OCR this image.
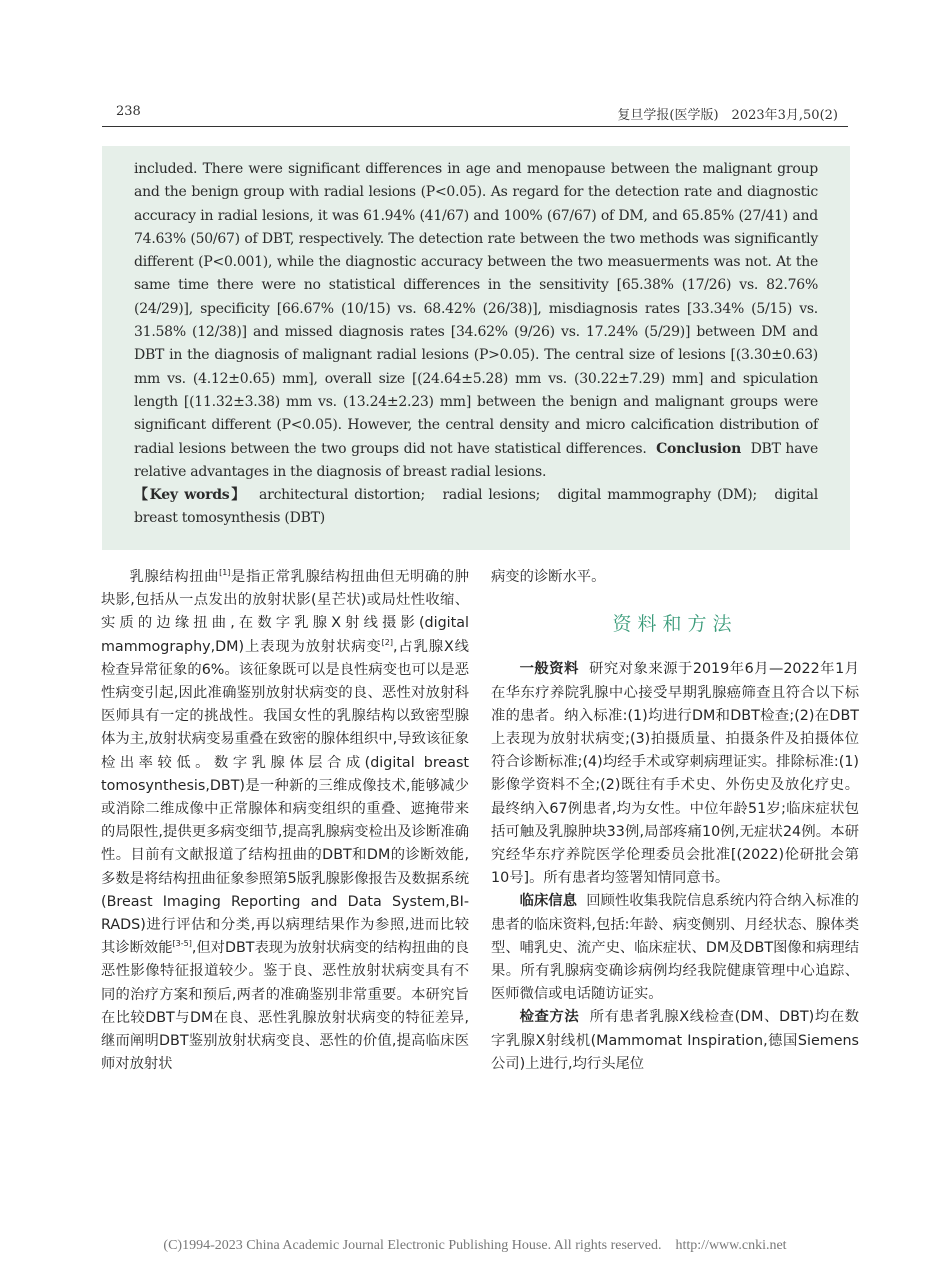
238	复旦学报(医学版)　2023年3月,50(2)

included. There were significant differences in age and menopause between the malignant group and the benign group with radial lesions (P<0.05). As regard for the detection rate and diagnostic accuracy in radial lesions, it was 61.94% (41/67) and 100% (67/67) of DM, and 65.85% (27/41) and 74.63% (50/67) of DBT, respectively. The detection rate between the two methods was significantly different (P<0.001), while the diagnostic accuracy between the two measuerments was not. At the same time there were no statistical differences in the sensitivity [65.38% (17/26) vs. 82.76% (24/29)], specificity [66.67% (10/15) vs. 68.42% (26/38)], misdiagnosis rates [33.34% (5/15) vs. 31.58% (12/38)] and missed diagnosis rates [34.62% (9/26) vs. 17.24% (5/29)] between DM and DBT in the diagnosis of malignant radial lesions (P>0.05). The central size of lesions [(3.30±0.63) mm vs. (4.12±0.65) mm], overall size [(24.64±5.28) mm vs. (30.22±7.29) mm] and spiculation length [(11.32±3.38) mm vs. (13.24±2.23) mm] between the benign and malignant groups were significant different (P<0.05). However, the central density and micro calcification distribution of radial lesions between the two groups did not have statistical differences. Conclusion DBT have relative advantages in the diagnosis of breast radial lesions.

【Key words】 architectural distortion;　radial lesions;　digital mammography (DM);　digital breast tomosynthesis (DBT)

乳腺结构扭曲[1]是指正常乳腺结构扭曲但无明确的肿块影,包括从一点发出的放射状影(星芒状)或局灶性收缩、实质的边缘扭曲,在数字乳腺X射线摄影(digital mammography,DM)上表现为放射状病变[2],占乳腺X线检查异常征象的6%。该征象既可以是良性病变也可以是恶性病变引起,因此准确鉴别放射状病变的良、恶性对放射科医师具有一定的挑战性。我国女性的乳腺结构以致密型腺体为主,放射状病变易重叠在致密的腺体组织中,导致该征象检出率较低。数字乳腺体层合成(digital breast tomosynthesis,DBT)是一种新的三维成像技术,能够减少或消除二维成像中正常腺体和病变组织的重叠、遮掩带来的局限性,提供更多病变细节,提高乳腺病变检出及诊断准确性。目前有文献报道了结构扭曲的DBT和DM的诊断效能,多数是将结构扭曲征象参照第5版乳腺影像报告及数据系统(Breast Imaging Reporting and Data System,BI-RADS)进行评估和分类,再以病理结果作为参照,进而比较其诊断效能[3-5],但对DBT表现为放射状病变的结构扭曲的良恶性影像特征报道较少。鉴于良、恶性放射状病变具有不同的治疗方案和预后,两者的准确鉴别非常重要。本研究旨在比较DBT与DM在良、恶性乳腺放射状病变的特征差异,继而阐明DBT鉴别放射状病变良、恶性的价值,提高临床医师对放射状

病变的诊断水平。

资料和方法

一般资料 研究对象来源于2019年6月—2022年1月在华东疗养院乳腺中心接受早期乳腺癌筛查且符合以下标准的患者。纳入标准:(1)均进行DM和DBT检查;(2)在DBT上表现为放射状病变;(3)拍摄质量、拍摄条件及拍摄体位符合诊断标准;(4)均经手术或穿刺病理证实。排除标准:(1)影像学资料不全;(2)既往有手术史、外伤史及放化疗史。最终纳入67例患者,均为女性。中位年龄51岁;临床症状包括可触及乳腺肿块33例,局部疼痛10例,无症状24例。本研究经华东疗养院医学伦理委员会批准[(2022)伦研批会第10号]。所有患者均签署知情同意书。

临床信息 回顾性收集我院信息系统内符合纳入标准的患者的临床资料,包括:年龄、病变侧别、月经状态、腺体类型、哺乳史、流产史、临床症状、DM及DBT图像和病理结果。所有乳腺病变确诊病例均经我院健康管理中心追踪、医师微信或电话随访证实。

检查方法 所有患者乳腺X线检查(DM、DBT)均在数字乳腺X射线机(Mammomat Inspiration,德国Siemens公司)上进行,均行头尾位

(C)1994-2023 China Academic Journal Electronic Publishing House. All rights reserved.　http://www.cnki.net
